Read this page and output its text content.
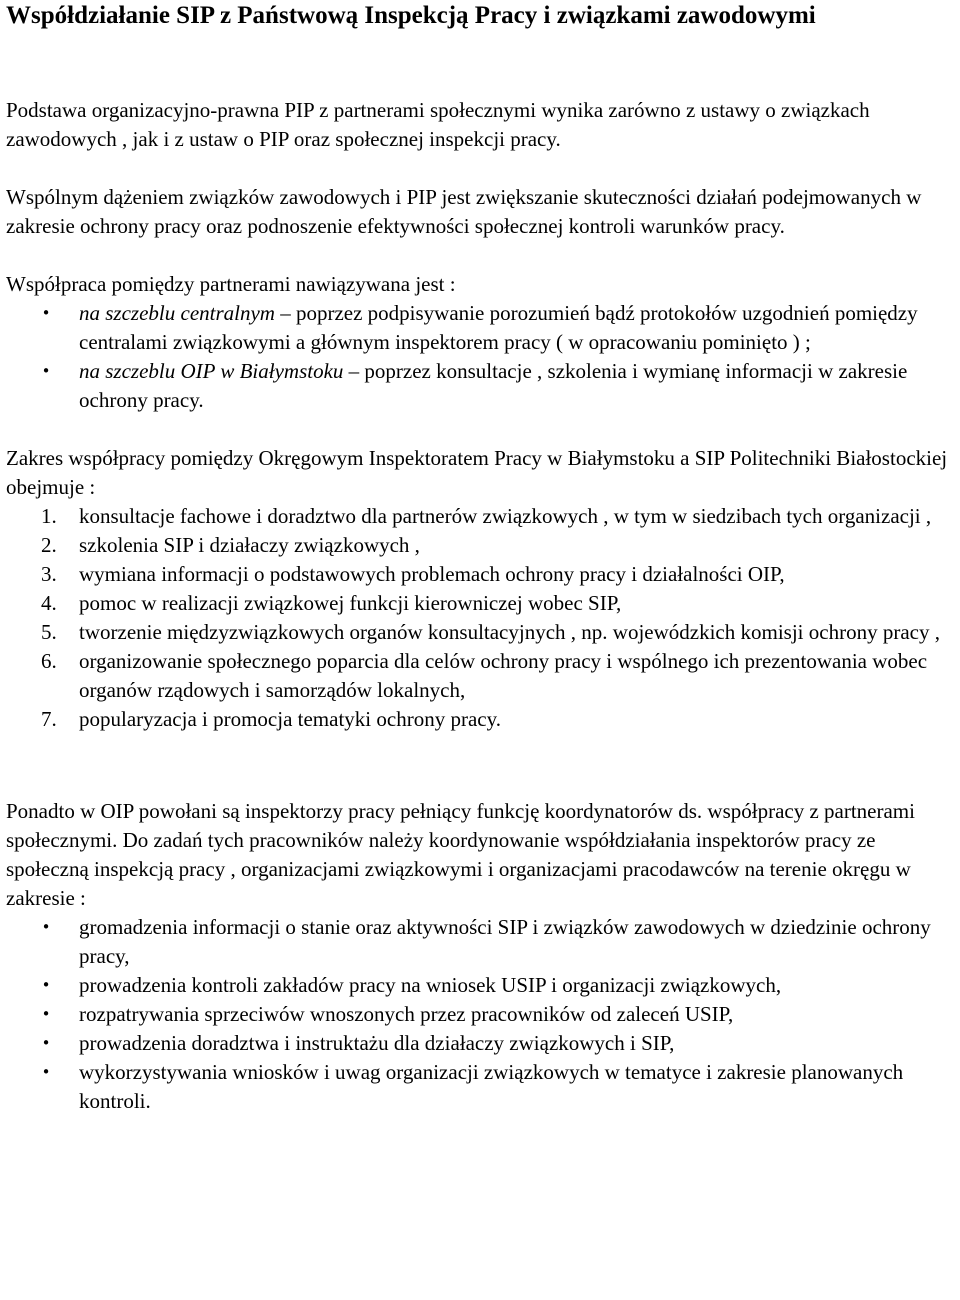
Współdziałanie SIP z Państwową Inspekcją Pracy i związkami zawodowymi

Podstawa organizacyjno-prawna PIP z partnerami społecznymi wynika zarówno z ustawy o związkach zawodowych , jak i z ustaw o PIP oraz społecznej inspekcji pracy.

Wspólnym dążeniem związków zawodowych i PIP jest zwiększanie skuteczności działań podejmowanych w zakresie ochrony pracy oraz podnoszenie efektywności społecznej kontroli warunków pracy.

Współpraca pomiędzy partnerami nawiązywana jest :

•	na szczeblu centralnym – poprzez podpisywanie porozumień bądź protokołów uzgodnień pomiędzy centralami związkowymi a głównym inspektorem pracy ( w opracowaniu pominięto ) ;
•	na szczeblu OIP w Białymstoku – poprzez konsultacje , szkolenia i wymianę informacji w zakresie ochrony pracy.

Zakres współpracy pomiędzy Okręgowym Inspektoratem Pracy w Białymstoku a SIP Politechniki Białostockiej obejmuje :

1. konsultacje fachowe i doradztwo dla partnerów związkowych , w tym w siedzibach tych organizacji ,
2. szkolenia SIP i działaczy związkowych ,
3. wymiana informacji o podstawowych problemach ochrony pracy i działalności OIP,
4. pomoc w realizacji związkowej funkcji kierowniczej wobec SIP,
5. tworzenie międzyzwiązkowych organów konsultacyjnych , np. wojewódzkich komisji ochrony pracy ,
6. organizowanie społecznego poparcia dla celów ochrony pracy i wspólnego ich prezentowania wobec organów rządowych i samorządów lokalnych,
7. popularyzacja i promocja tematyki ochrony pracy.

Ponadto w OIP powołani są inspektorzy pracy pełniący funkcję koordynatorów ds. współpracy z partnerami społecznymi. Do zadań tych pracowników należy koordynowanie współdziałania inspektorów pracy ze społeczną inspekcją pracy , organizacjami związkowymi i organizacjami pracodawców na terenie okręgu w zakresie :

•	gromadzenia informacji o stanie oraz aktywności SIP i związków zawodowych w dziedzinie ochrony pracy,
•	prowadzenia kontroli zakładów pracy na wniosek USIP i organizacji związkowych,
•	rozpatrywania sprzeciwów wnoszonych przez pracowników od zaleceń USIP,
•	prowadzenia doradztwa i instruktażu dla działaczy związkowych i SIP,
•	wykorzystywania wniosków i uwag organizacji związkowych w tematyce i zakresie planowanych kontroli.
